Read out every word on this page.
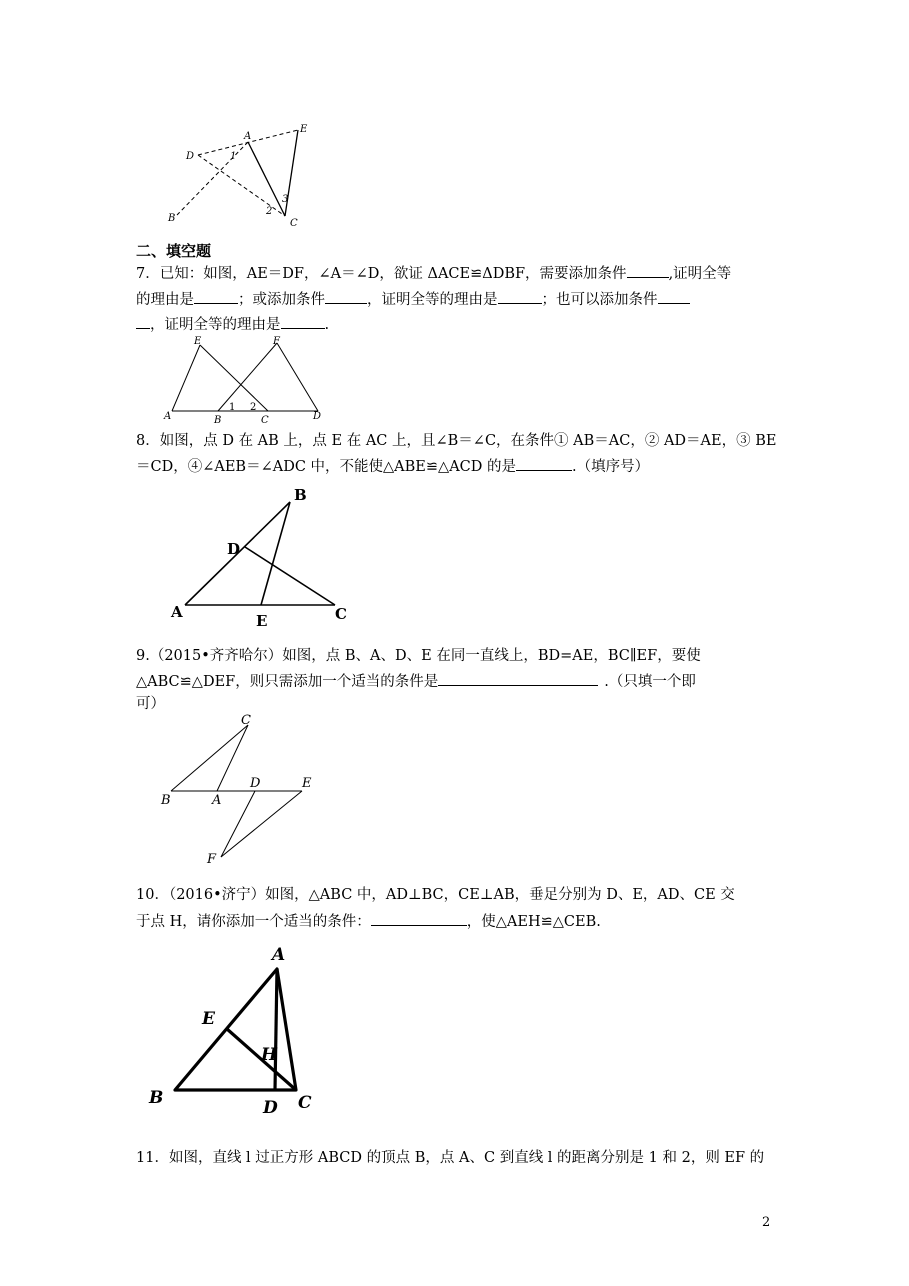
D
A
E
1
3
2
B	C
二、填空题
7．已知：如图，AE＝DF，∠A＝∠D，欲证 ΔACE≌ΔDBF，需要添加条件	,证明全等
的理由是	；或添加条件	，证明全等的理由是	；也可以添加条件
，证明全等的理由是	.
E	F
A	B
1 2
C	D
8．如图，点 D 在 AB 上，点 E 在 AC 上，且∠B＝∠C，在条件① AB＝AC，② AD＝AE，③ BE
＝CD，④∠AEB＝∠ADC 中，不能使△ABE≌△ACD 的是	.（填序号）
B
D
A	E	C
9.（2015•齐齐哈尔）如图，点 B、A、D、E 在同一直线上，BD=AE，BC∥EF，要使
△ABC≌△DEF，则只需添加一个适当的条件是	.（只填一个即
可）
C
D	E
B	A
F
10．（2016•济宁）如图，△ABC 中，AD⊥BC，CE⊥AB，垂足分别为 D、E，AD、CE 交
于点 H，请你添加一个适当的条件：	，使△AEH≌△CEB.
A
E
H
B	D C
11．如图，直线 l 过正方形 ABCD 的顶点 B，点 A、C 到直线 l 的距离分别是 1 和 2，则 EF 的
2
